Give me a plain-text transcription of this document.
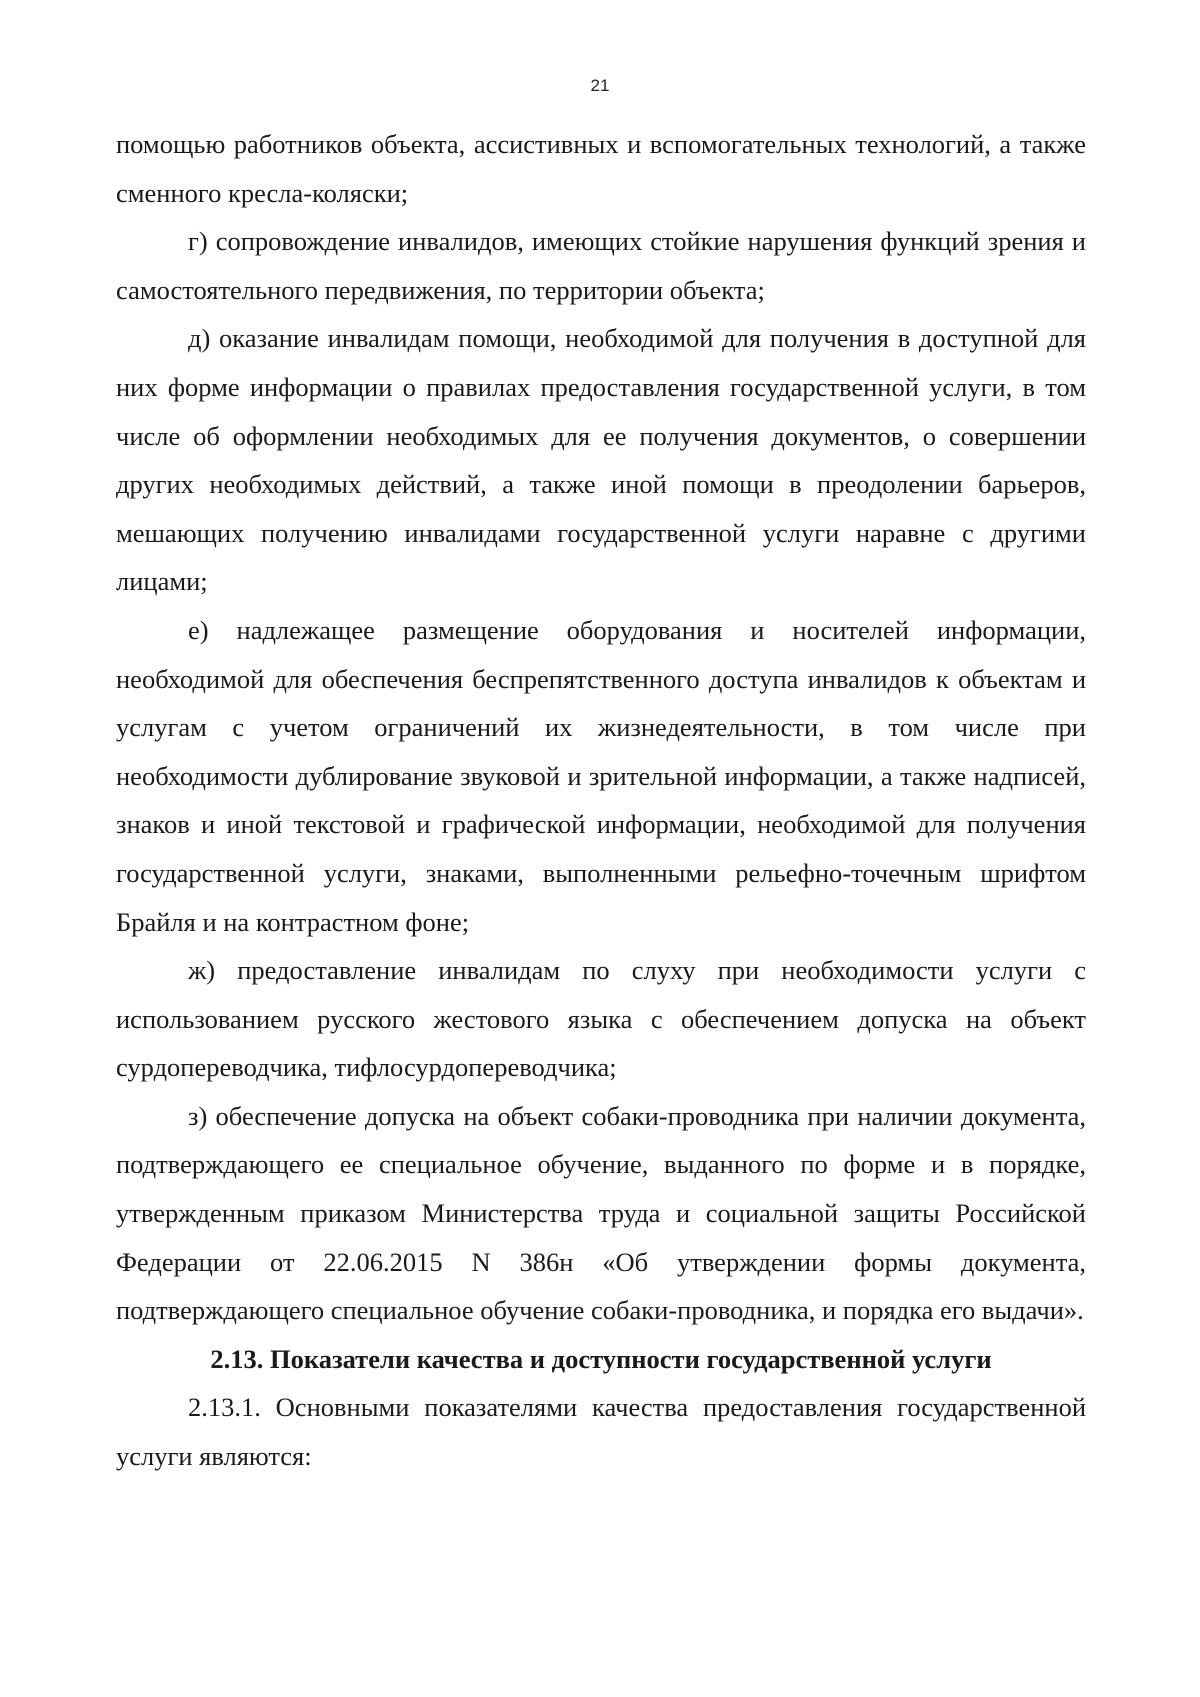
21

помощью работников объекта, ассистивных и вспомогательных технологий, а также сменного кресла-коляски;

г) сопровождение инвалидов, имеющих стойкие нарушения функций зрения и самостоятельного передвижения, по территории объекта;

д) оказание инвалидам помощи, необходимой для получения в доступной для них форме информации о правилах предоставления государственной услуги, в том числе об оформлении необходимых для ее получения документов, о совершении других необходимых действий, а также иной помощи в преодолении барьеров, мешающих получению инвалидами государственной услуги наравне с другими лицами;

е) надлежащее размещение оборудования и носителей информации, необходимой для обеспечения беспрепятственного доступа инвалидов к объектам и услугам с учетом ограничений их жизнедеятельности, в том числе при необходимости дублирование звуковой и зрительной информации, а также надписей, знаков и иной текстовой и графической информации, необходимой для получения государственной услуги, знаками, выполненными рельефно-точечным шрифтом Брайля и на контрастном фоне;

ж) предоставление инвалидам по слуху при необходимости услуги с использованием русского жестового языка с обеспечением допуска на объект сурдопереводчика, тифлосурдопереводчика;

з) обеспечение допуска на объект собаки-проводника при наличии документа, подтверждающего ее специальное обучение, выданного по форме и в порядке, утвержденным приказом Министерства труда и социальной защиты Российской Федерации от 22.06.2015 N 386н «Об утверждении формы документа, подтверждающего специальное обучение собаки-проводника, и порядка его выдачи».

2.13. Показатели качества и доступности государственной услуги

2.13.1. Основными показателями качества предоставления государственной услуги являются:
